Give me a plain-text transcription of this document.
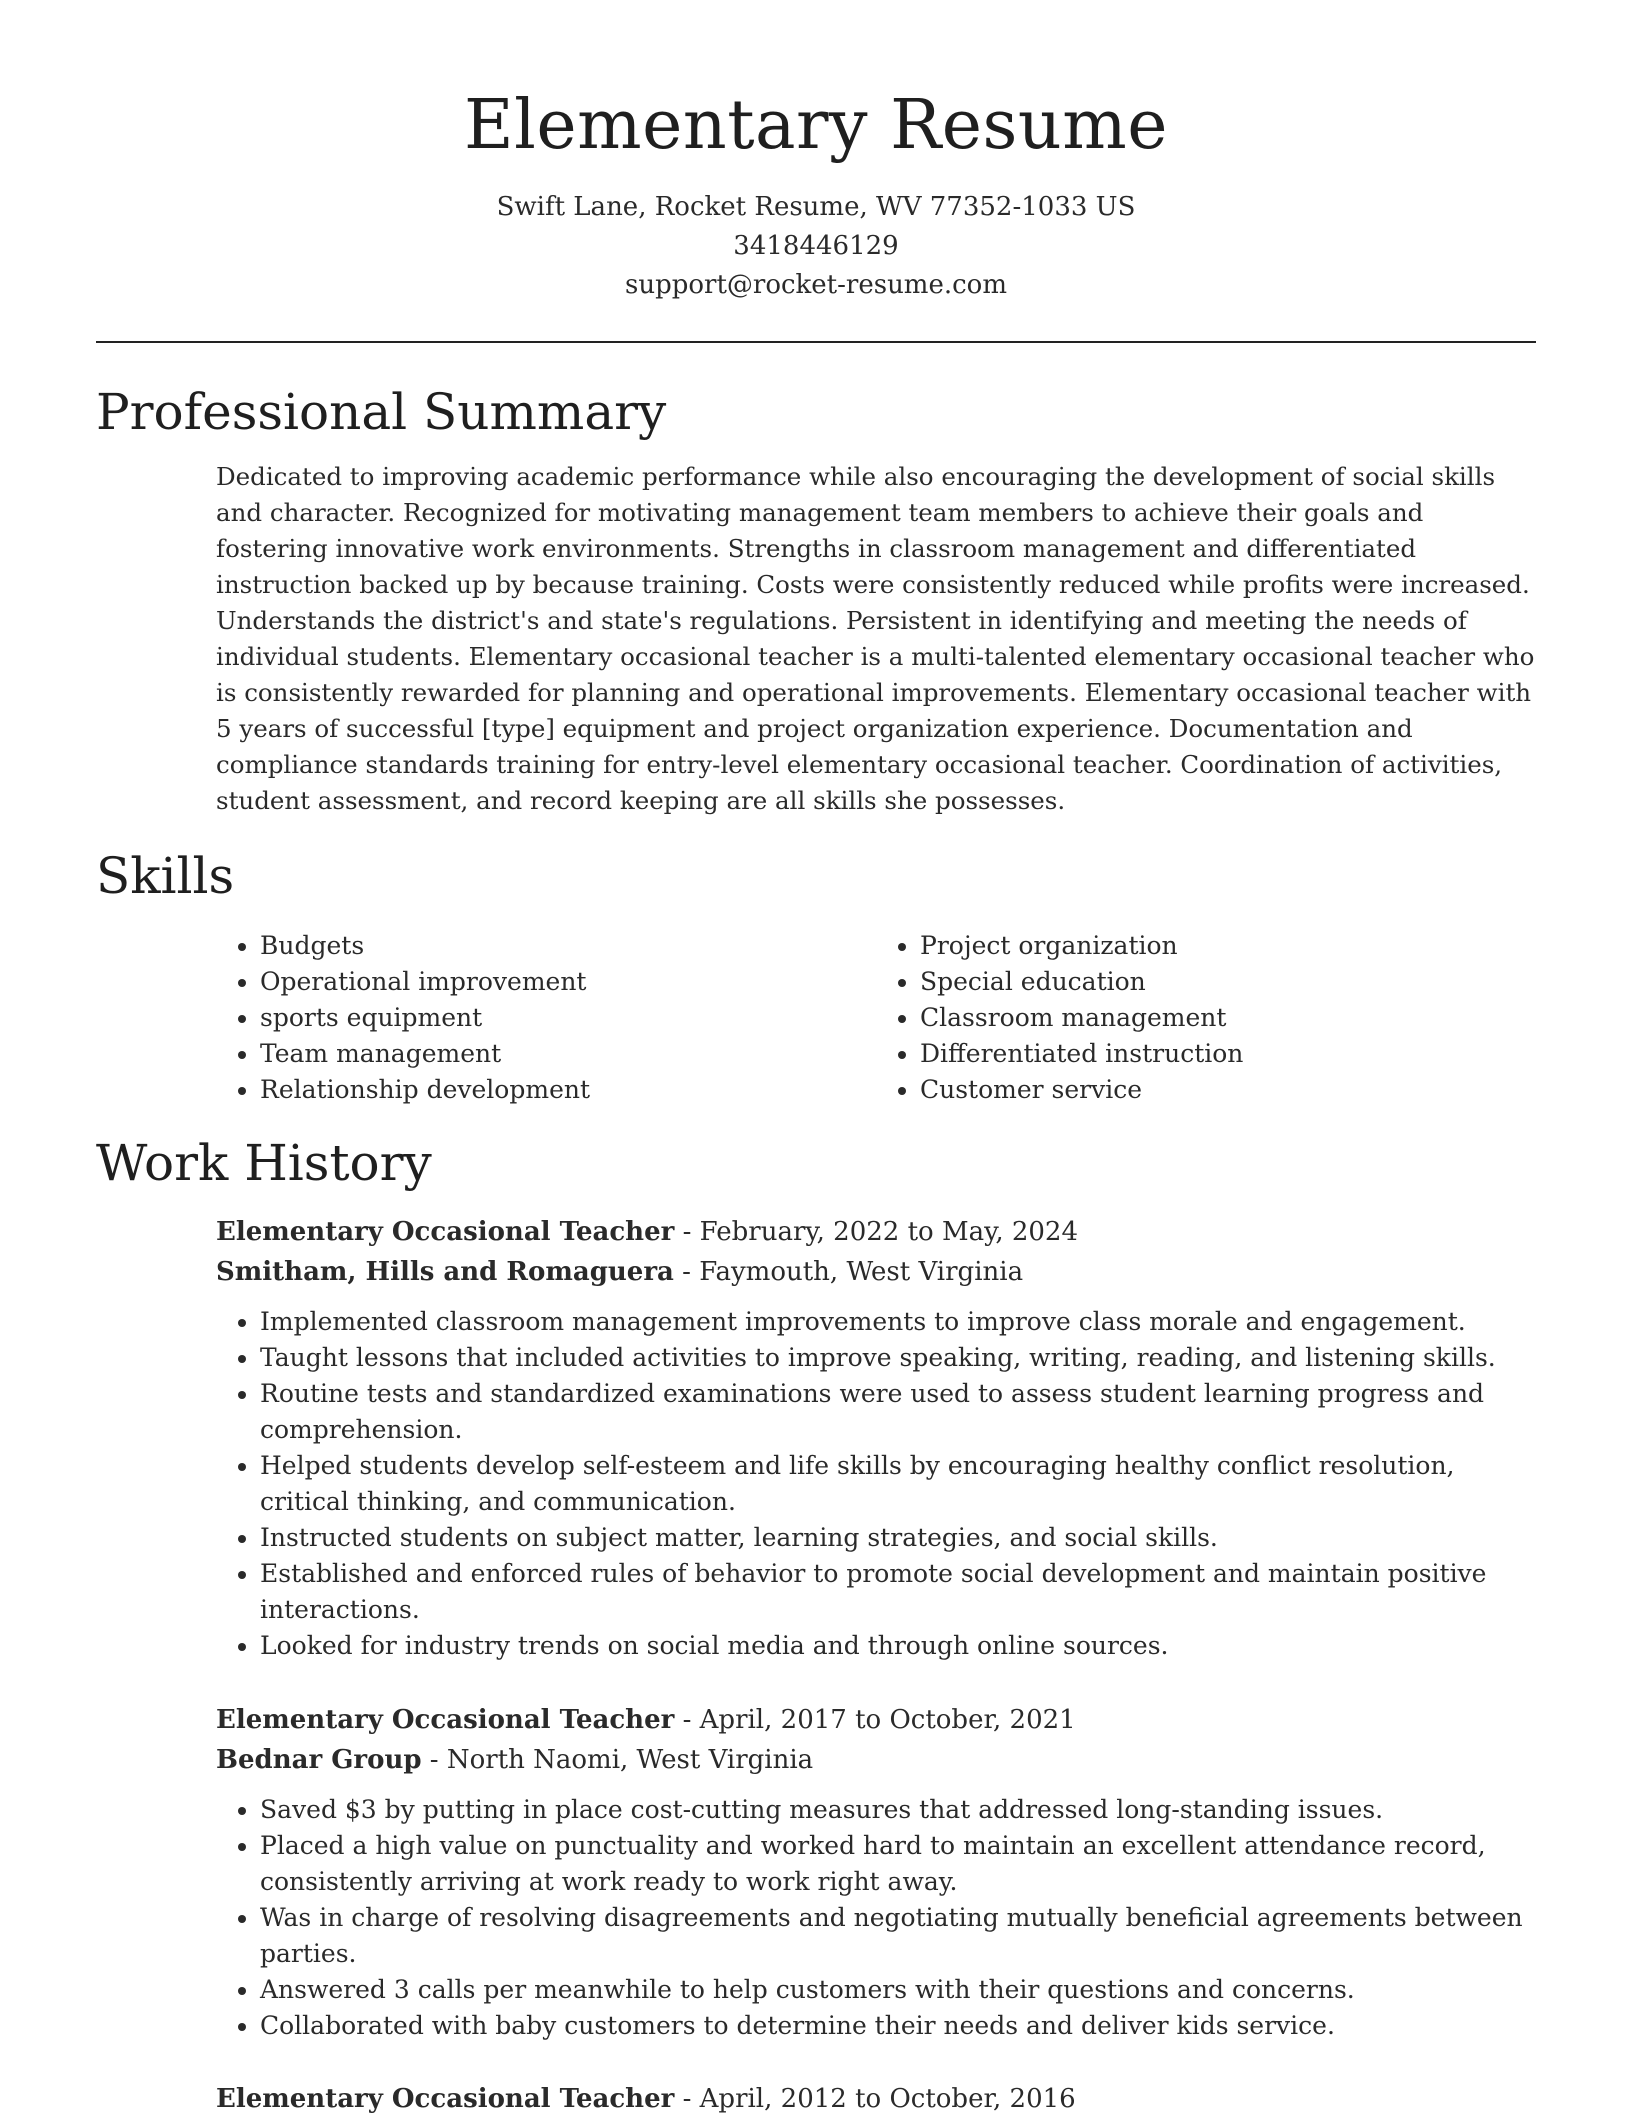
Elementary Resume
Swift Lane, Rocket Resume, WV 77352-1033 US
3418446129
support@rocket-resume.com
Professional Summary
Dedicated to improving academic performance while also encouraging the development of social skills and character. Recognized for motivating management team members to achieve their goals and fostering innovative work environments. Strengths in classroom management and differentiated instruction backed up by because training. Costs were consistently reduced while profits were increased. Understands the district's and state's regulations. Persistent in identifying and meeting the needs of individual students. Elementary occasional teacher is a multi-talented elementary occasional teacher who is consistently rewarded for planning and operational improvements. Elementary occasional teacher with 5 years of successful [type] equipment and project organization experience. Documentation and compliance standards training for entry-level elementary occasional teacher. Coordination of activities, student assessment, and record keeping are all skills she possesses.
Skills
• Budgets
• Operational improvement
• sports equipment
• Team management
• Relationship development
• Project organization
• Special education
• Classroom management
• Differentiated instruction
• Customer service
Work History
Elementary Occasional Teacher - February, 2022 to May, 2024
Smitham, Hills and Romaguera - Faymouth, West Virginia
• Implemented classroom management improvements to improve class morale and engagement.
• Taught lessons that included activities to improve speaking, writing, reading, and listening skills.
• Routine tests and standardized examinations were used to assess student learning progress and comprehension.
• Helped students develop self-esteem and life skills by encouraging healthy conflict resolution, critical thinking, and communication.
• Instructed students on subject matter, learning strategies, and social skills.
• Established and enforced rules of behavior to promote social development and maintain positive interactions.
• Looked for industry trends on social media and through online sources.
Elementary Occasional Teacher - April, 2017 to October, 2021
Bednar Group - North Naomi, West Virginia
• Saved $3 by putting in place cost-cutting measures that addressed long-standing issues.
• Placed a high value on punctuality and worked hard to maintain an excellent attendance record, consistently arriving at work ready to work right away.
• Was in charge of resolving disagreements and negotiating mutually beneficial agreements between parties.
• Answered 3 calls per meanwhile to help customers with their questions and concerns.
• Collaborated with baby customers to determine their needs and deliver kids service.
Elementary Occasional Teacher - April, 2012 to October, 2016
